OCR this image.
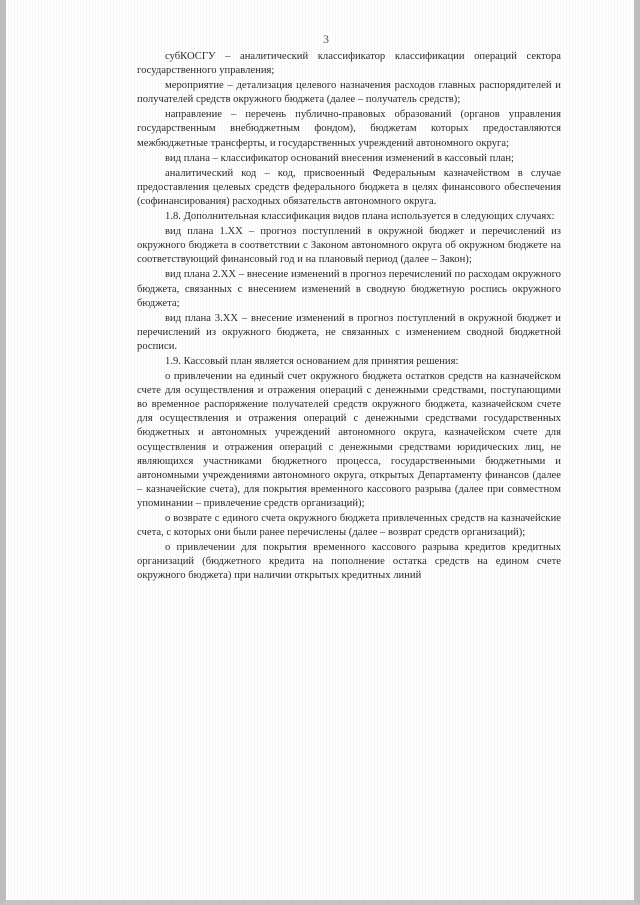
3

субКОСГУ – аналитический классификатор классификации операций сектора государственного управления;

мероприятие – детализация целевого назначения расходов главных распорядителей и получателей средств окружного бюджета (далее – получатель средств);

направление – перечень публично-правовых образований (органов управления государственным внебюджетным фондом), бюджетам которых предоставляются межбюджетные трансферты, и государственных учреждений автономного округа;

вид плана – классификатор оснований внесения изменений в кассовый план;

аналитический код – код, присвоенный Федеральным казначейством в случае предоставления целевых средств федерального бюджета в целях финансового обеспечения (софинансирования) расходных обязательств автономного округа.

1.8. Дополнительная классификация видов плана используется в следующих случаях:

вид плана 1.XX – прогноз поступлений в окружной бюджет и перечислений из окружного бюджета в соответствии с Законом автономного округа об окружном бюджете на соответствующий финансовый год и на плановый период (далее – Закон);

вид плана 2.XX – внесение изменений в прогноз перечислений по расходам окружного бюджета, связанных с внесением изменений в сводную бюджетную роспись окружного бюджета;

вид плана 3.XX – внесение изменений в прогноз поступлений в окружной бюджет и перечислений из окружного бюджета, не связанных с изменением сводной бюджетной росписи.

1.9. Кассовый план является основанием для принятия решения:

о привлечении на единый счет окружного бюджета остатков средств на казначейском счете для осуществления и отражения операций с денежными средствами, поступающими во временное распоряжение получателей средств окружного бюджета, казначейском счете для осуществления и отражения операций с денежными средствами государственных бюджетных и автономных учреждений автономного округа, казначейском счете для осуществления и отражения операций с денежными средствами юридических лиц, не являющихся участниками бюджетного процесса, государственными бюджетными и автономными учреждениями автономного округа, открытых Департаменту финансов (далее – казначейские счета), для покрытия временного кассового разрыва (далее при совместном упоминании – привлечение средств организаций);

о возврате с единого счета окружного бюджета привлеченных средств на казначейские счета, с которых они были ранее перечислены (далее – возврат средств организаций);

о привлечении для покрытия временного кассового разрыва кредитов кредитных организаций (бюджетного кредита на пополнение остатка средств на едином счете окружного бюджета) при наличии открытых кредитных линий
